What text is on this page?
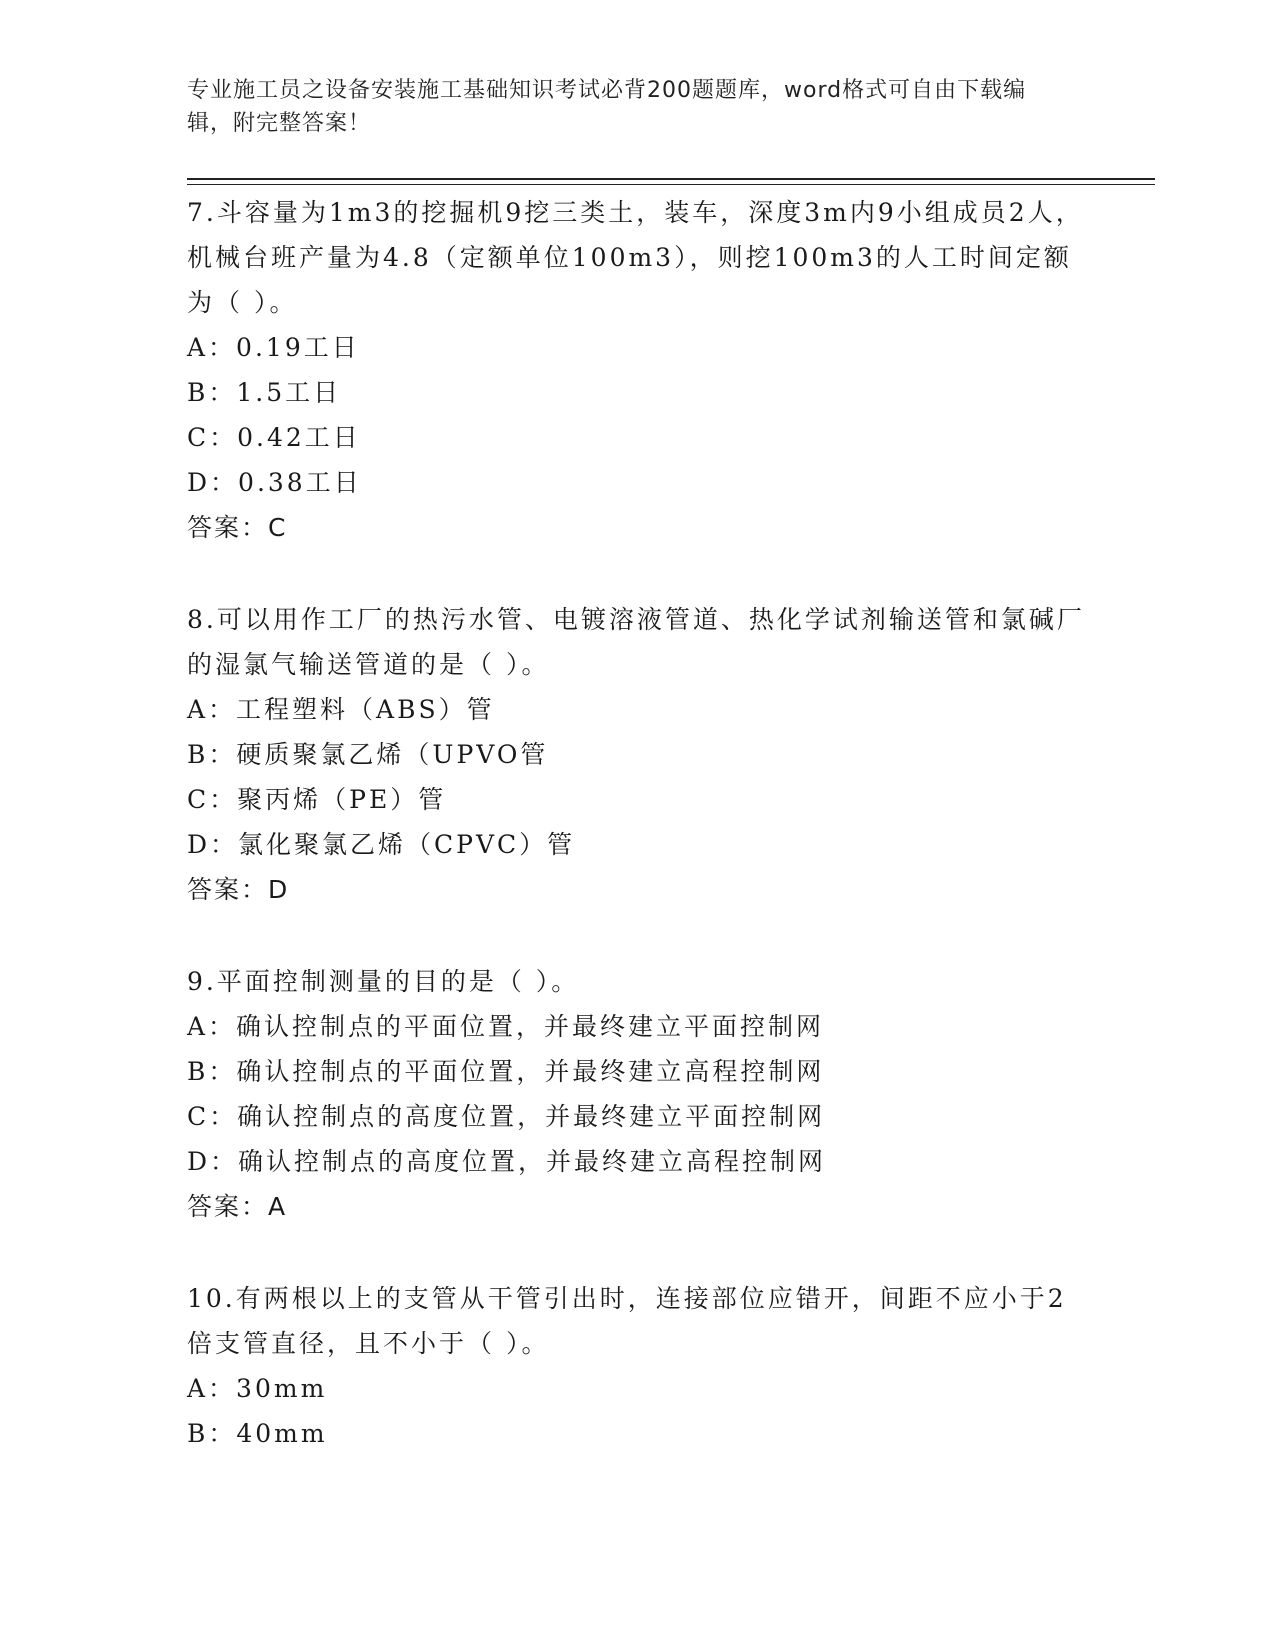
专业施工员之设备安装施工基础知识考试必背200题题库，word格式可自由下载编辑，附完整答案！

7.斗容量为1m3的挖掘机9挖三类土，装车，深度3m内9小组成员2人，机械台班产量为4.8（定额单位100m3），则挖100m3的人工时间定额为（ ）。

A：0.19工日

B：1.5工日

C：0.42工日

D：0.38工日

答案：C

8.可以用作工厂的热污水管、电镀溶液管道、热化学试剂输送管和氯碱厂的湿氯气输送管道的是（ ）。

A：工程塑料（ABS）管

B：硬质聚氯乙烯（UPVO管

C：聚丙烯（PE）管

D：氯化聚氯乙烯（CPVC）管

答案：D

9.平面控制测量的目的是（ ）。

A：确认控制点的平面位置，并最终建立平面控制网

B：确认控制点的平面位置，并最终建立高程控制网

C：确认控制点的高度位置，并最终建立平面控制网

D：确认控制点的高度位置，并最终建立高程控制网

答案：A

10.有两根以上的支管从干管引出时，连接部位应错开，间距不应小于2倍支管直径，且不小于（ ）。

A：30mm

B：40mm
